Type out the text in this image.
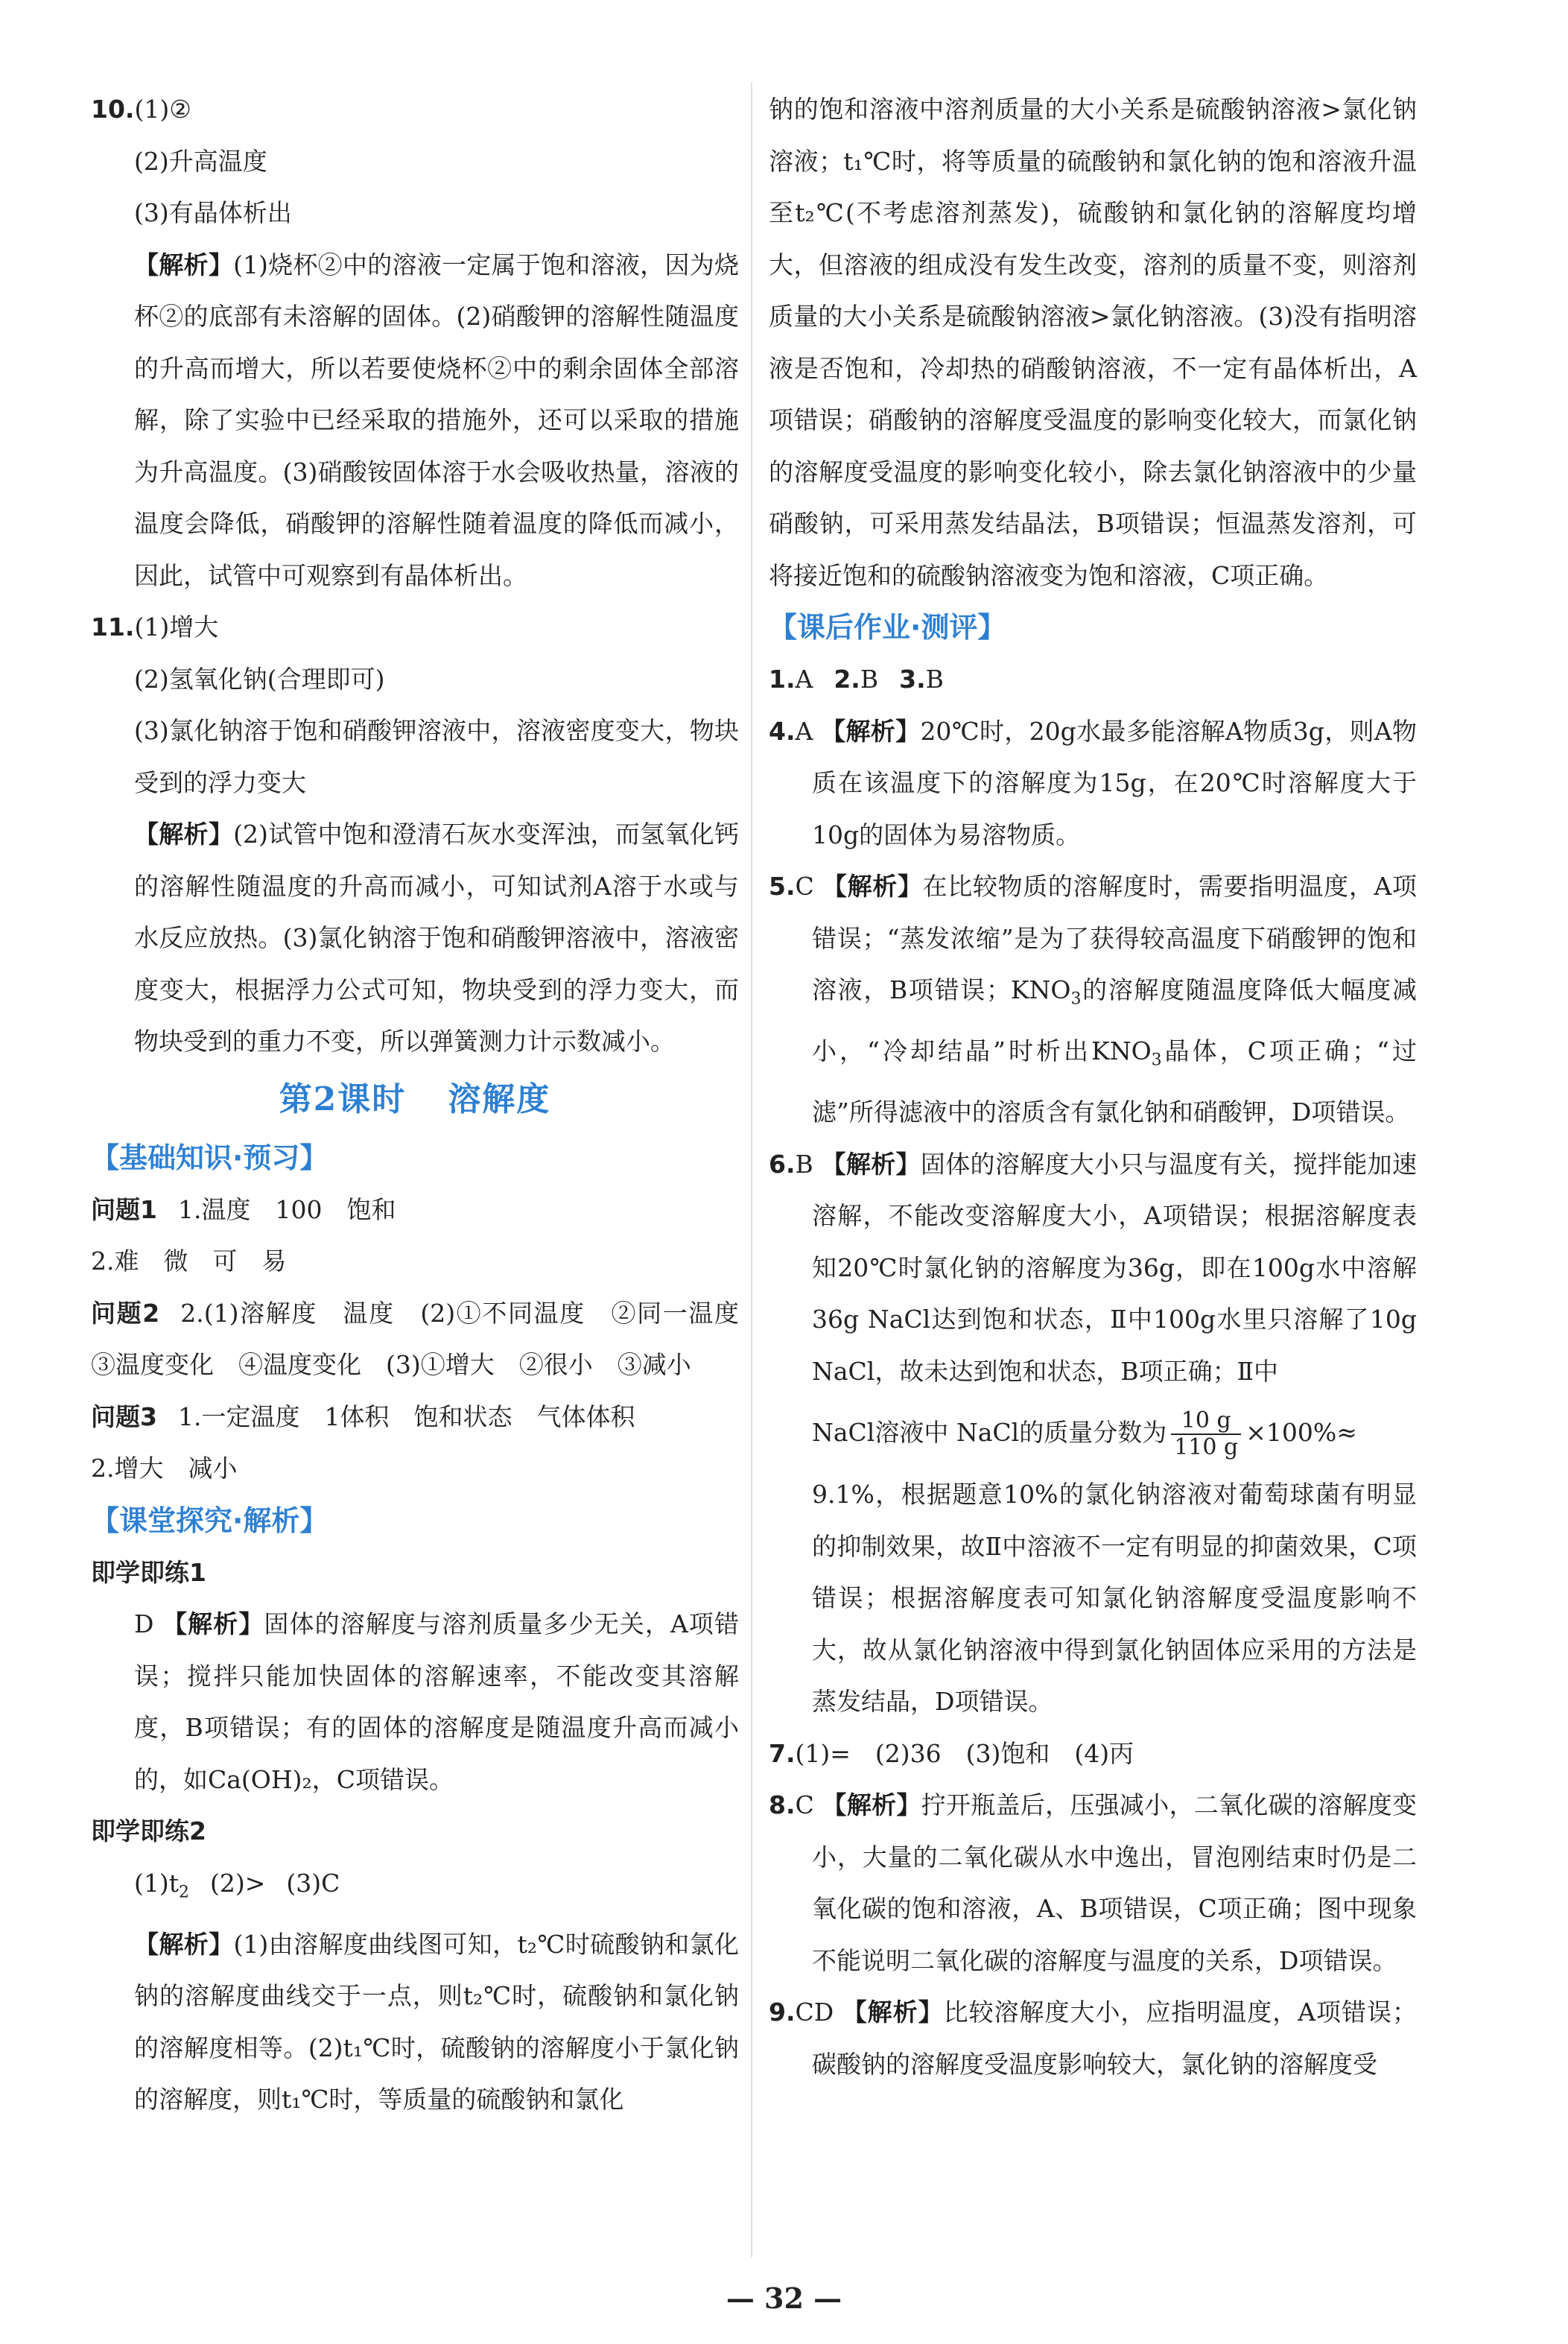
10.(1)②

(2)升高温度

(3)有晶体析出

【解析】(1)烧杯②中的溶液一定属于饱和溶液，因为烧杯②的底部有未溶解的固体。(2)硝酸钾的溶解性随温度的升高而增大，所以若要使烧杯②中的剩余固体全部溶解，除了实验中已经采取的措施外，还可以采取的措施为升高温度。(3)硝酸铵固体溶于水会吸收热量，溶液的温度会降低，硝酸钾的溶解性随着温度的降低而减小，因此，试管中可观察到有晶体析出。

11.(1)增大

(2)氢氧化钠(合理即可)

(3)氯化钠溶于饱和硝酸钾溶液中，溶液密度变大，物块受到的浮力变大

【解析】(2)试管中饱和澄清石灰水变浑浊，而氢氧化钙的溶解性随温度的升高而减小，可知试剂A溶于水或与水反应放热。(3)氯化钠溶于饱和硝酸钾溶液中，溶液密度变大，根据浮力公式可知，物块受到的浮力变大，而物块受到的重力不变，所以弹簧测力计示数减小。

第2课时 溶解度

【基础知识·预习】

问题1 1.温度　100　饱和

2.难　微　可　易

问题2 2.(1)溶解度　温度　(2)①不同温度　②同一温度　③温度变化　④温度变化　(3)①增大　②很小　③减小

问题3 1.一定温度　1体积　饱和状态　气体体积

2.增大　减小

【课堂探究·解析】

即学即练1

D 【解析】固体的溶解度与溶剂质量多少无关，A项错误；搅拌只能加快固体的溶解速率，不能改变其溶解度，B项错误；有的固体的溶解度是随温度升高而减小的，如Ca(OH)₂，C项错误。

即学即练2

$(1)t_2$ (2)> (3)C

【解析】(1)由溶解度曲线图可知，t₂℃时硫酸钠和氯化钠的溶解度曲线交于一点，则t₂℃时，硫酸钠和氯化钠的溶解度相等。(2)t₁℃时，硫酸钠的溶解度小于氯化钠的溶解度，则t₁℃时，等质量的硫酸钠和氯化

钠的饱和溶液中溶剂质量的大小关系是硫酸钠溶液>氯化钠溶液；t₁℃时，将等质量的硫酸钠和氯化钠的饱和溶液升温至t₂℃(不考虑溶剂蒸发)，硫酸钠和氯化钠的溶解度均增大，但溶液的组成没有发生改变，溶剂的质量不变，则溶剂质量的大小关系是硫酸钠溶液>氯化钠溶液。(3)没有指明溶液是否饱和，冷却热的硝酸钠溶液，不一定有晶体析出，A项错误；硝酸钠的溶解度受温度的影响变化较大，而氯化钠的溶解度受温度的影响变化较小，除去氯化钠溶液中的少量硝酸钠，可采用蒸发结晶法，B项错误；恒温蒸发溶剂，可将接近饱和的硫酸钠溶液变为饱和溶液，C项正确。

【课后作业·测评】

1.A 2.B 3.B

4.A 【解析】20℃时，20g水最多能溶解A物质3g，则A物质在该温度下的溶解度为15g，在20℃时溶解度大于10g的固体为易溶物质。

5.C 【解析】在比较物质的溶解度时，需要指明温度，A项错误；“蒸发浓缩”是为了获得较高温度下硝酸钾的饱和溶液，B项错误；$KNO_3$的溶解度随温度降低大幅度减小，“冷却结晶”时析出$KNO_3$晶体，C项正确；“过滤”所得滤液中的溶质含有氯化钠和硝酸钾，D项错误。

6.B 【解析】固体的溶解度大小只与温度有关，搅拌能加速溶解，不能改变溶解度大小，A项错误；根据溶解度表知20℃时氯化钠的溶解度为36g，即在100g水中溶解36g NaCl达到饱和状态，Ⅱ中100g水里只溶解了10g NaCl，故未达到饱和状态，B项正确；Ⅱ中

NaCl溶液中 NaCl的质量分数为 $\frac{10 g}{110 g} \times 100\%\approx$

9.1%，根据题意10%的氯化钠溶液对葡萄球菌有明显的抑制效果，故Ⅱ中溶液不一定有明显的抑菌效果，C项错误；根据溶解度表可知氯化钠溶解度受温度影响不大，故从氯化钠溶液中得到氯化钠固体应采用的方法是蒸发结晶，D项错误。

7.(1)=　(2)36　(3)饱和　(4)丙

8.C 【解析】拧开瓶盖后，压强减小，二氧化碳的溶解度变小，大量的二氧化碳从水中逸出，冒泡刚结束时仍是二氧化碳的饱和溶液，A、B项错误，C项正确；图中现象不能说明二氧化碳的溶解度与温度的关系，D项错误。

9.CD 【解析】比较溶解度大小，应指明温度，A项错误；碳酸钠的溶解度受温度影响较大，氯化钠的溶解度受

— 32 —
